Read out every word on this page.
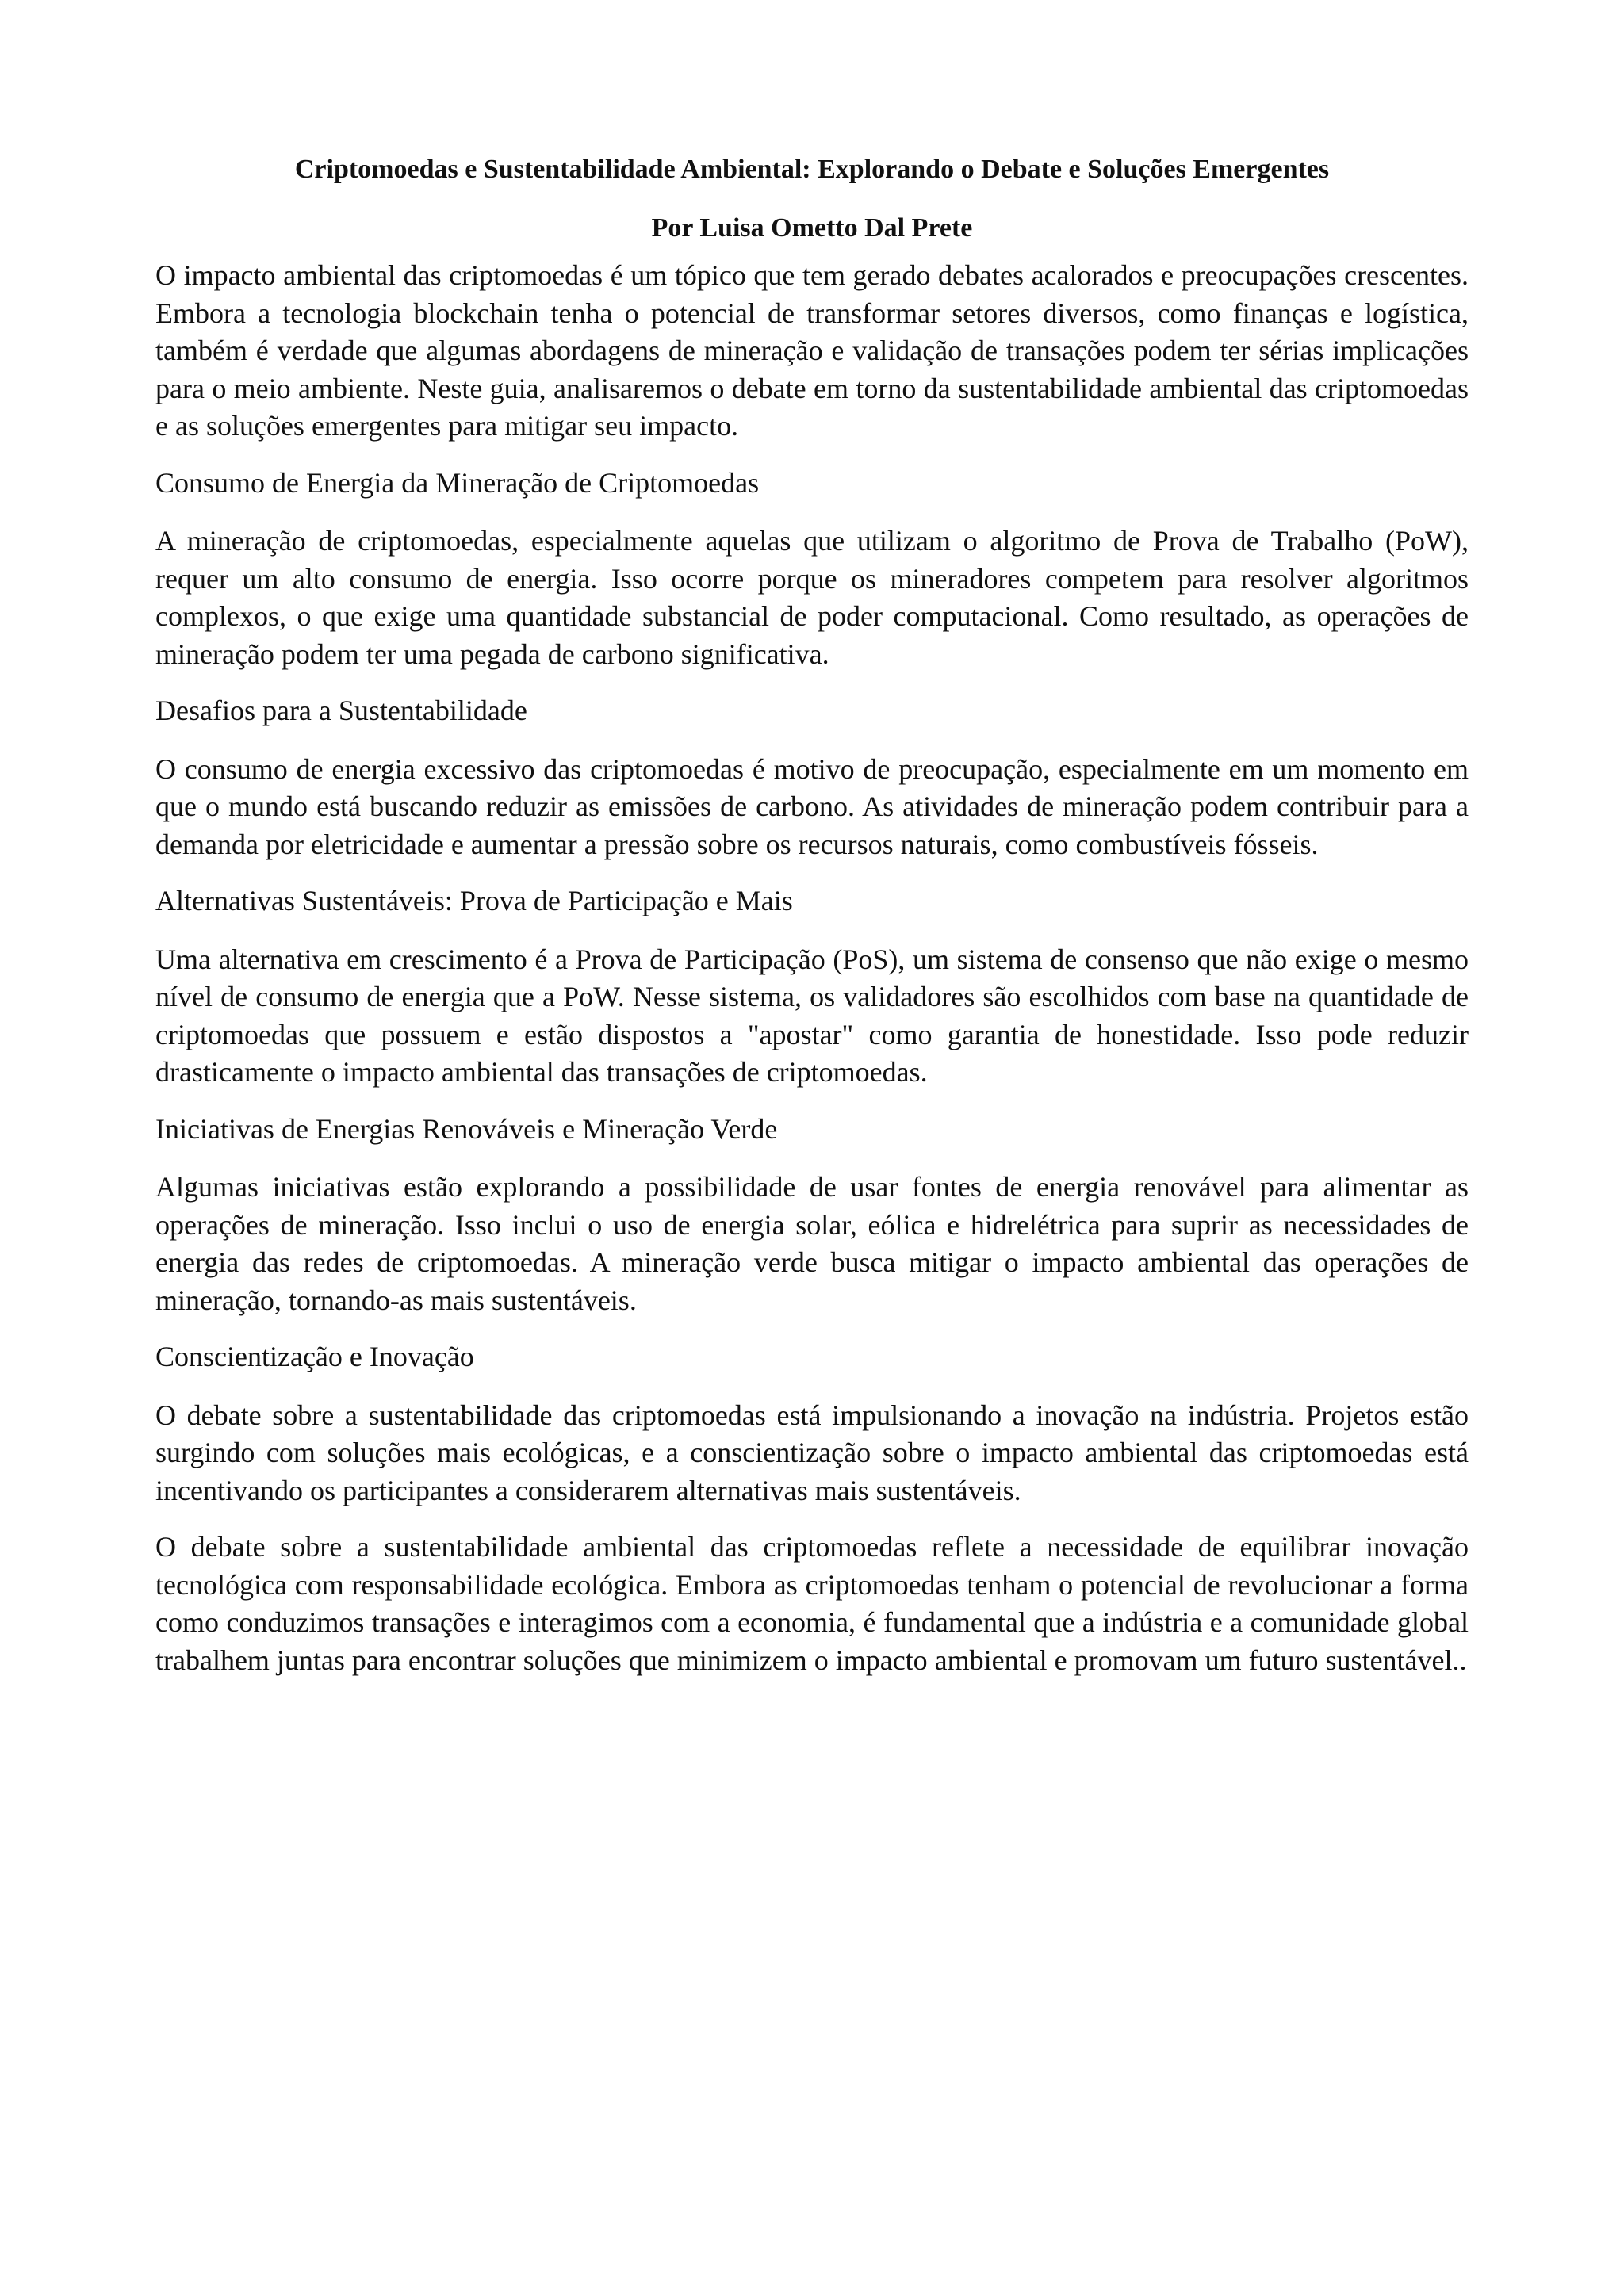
Criptomoedas e Sustentabilidade Ambiental: Explorando o Debate e Soluções Emergentes
Por Luisa Ometto Dal Prete

O impacto ambiental das criptomoedas é um tópico que tem gerado debates acalorados e preocupações crescentes. Embora a tecnologia blockchain tenha o potencial de transformar setores diversos, como finanças e logística, também é verdade que algumas abordagens de mineração e validação de transações podem ter sérias implicações para o meio ambiente. Neste guia, analisaremos o debate em torno da sustentabilidade ambiental das criptomoedas e as soluções emergentes para mitigar seu impacto.

Consumo de Energia da Mineração de Criptomoedas

A mineração de criptomoedas, especialmente aquelas que utilizam o algoritmo de Prova de Trabalho (PoW), requer um alto consumo de energia. Isso ocorre porque os mineradores competem para resolver algoritmos complexos, o que exige uma quantidade substancial de poder computacional. Como resultado, as operações de mineração podem ter uma pegada de carbono significativa.

Desafios para a Sustentabilidade

O consumo de energia excessivo das criptomoedas é motivo de preocupação, especialmente em um momento em que o mundo está buscando reduzir as emissões de carbono. As atividades de mineração podem contribuir para a demanda por eletricidade e aumentar a pressão sobre os recursos naturais, como combustíveis fósseis.

Alternativas Sustentáveis: Prova de Participação e Mais

Uma alternativa em crescimento é a Prova de Participação (PoS), um sistema de consenso que não exige o mesmo nível de consumo de energia que a PoW. Nesse sistema, os validadores são escolhidos com base na quantidade de criptomoedas que possuem e estão dispostos a "apostar" como garantia de honestidade. Isso pode reduzir drasticamente o impacto ambiental das transações de criptomoedas.

Iniciativas de Energias Renováveis e Mineração Verde

Algumas iniciativas estão explorando a possibilidade de usar fontes de energia renovável para alimentar as operações de mineração. Isso inclui o uso de energia solar, eólica e hidrelétrica para suprir as necessidades de energia das redes de criptomoedas. A mineração verde busca mitigar o impacto ambiental das operações de mineração, tornando-as mais sustentáveis.

Conscientização e Inovação

O debate sobre a sustentabilidade das criptomoedas está impulsionando a inovação na indústria. Projetos estão surgindo com soluções mais ecológicas, e a conscientização sobre o impacto ambiental das criptomoedas está incentivando os participantes a considerarem alternativas mais sustentáveis.

O debate sobre a sustentabilidade ambiental das criptomoedas reflete a necessidade de equilibrar inovação tecnológica com responsabilidade ecológica. Embora as criptomoedas tenham o potencial de revolucionar a forma como conduzimos transações e interagimos com a economia, é fundamental que a indústria e a comunidade global trabalhem juntas para encontrar soluções que minimizem o impacto ambiental e promovam um futuro sustentável..
